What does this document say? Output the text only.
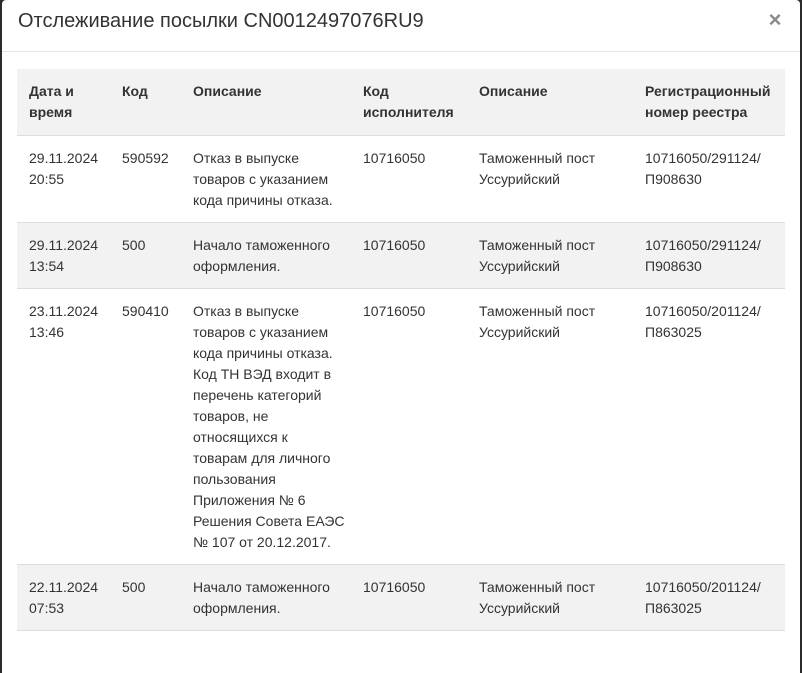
Отслеживание посылки CN0012497076RU9	×
Дата и время	Код	Описание	Код исполнителя	Описание	Регистрационный номер реестра
29.11.2024 20:55	590592	Отказ в выпуске товаров с указанием кода причины отказа.	10716050	Таможенный пост Уссурийский	10716050/291124/П908630
29.11.2024 13:54	500	Начало таможенного оформления.	10716050	Таможенный пост Уссурийский	10716050/291124/П908630
23.11.2024 13:46	590410	Отказ в выпуске товаров с указанием кода причины отказа. Код ТН ВЭД входит в перечень категорий товаров, не относящихся к товарам для личного пользования Приложения № 6 Решения Совета ЕАЭС № 107 от 20.12.2017.	10716050	Таможенный пост Уссурийский	10716050/201124/П863025
22.11.2024 07:53	500	Начало таможенного оформления.	10716050	Таможенный пост Уссурийский	10716050/201124/П863025
